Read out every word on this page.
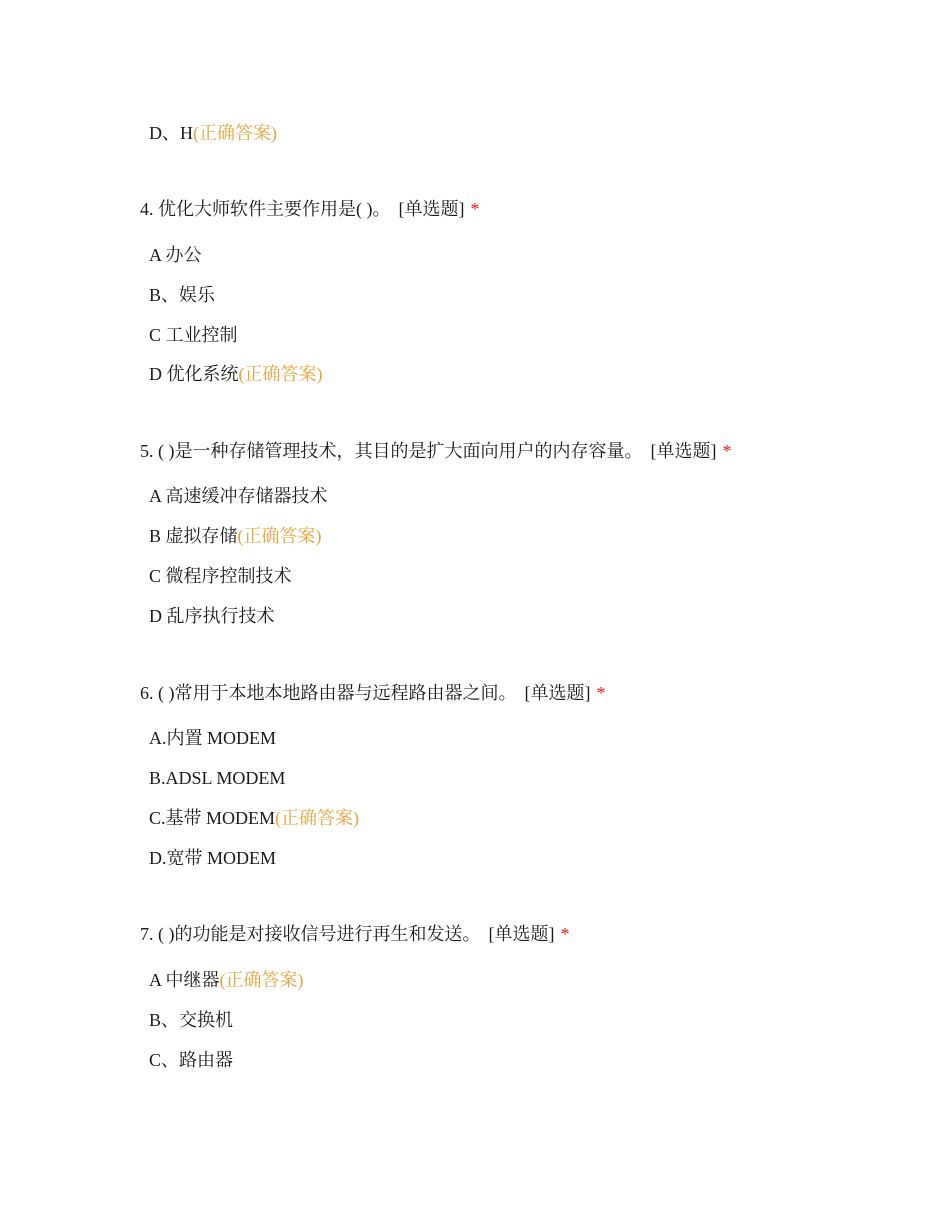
D、H(正确答案)
4. 优化大师软件主要作用是( )。 [单选题] *
A 办公
B、娱乐
C 工业控制
D 优化系统(正确答案)
5. ( )是一种存储管理技术，其目的是扩大面向用户的内存容量。 [单选题] *
A 高速缓冲存储器技术
B 虚拟存储(正确答案)
C 微程序控制技术
D 乱序执行技术
6. ( )常用于本地本地路由器与远程路由器之间。 [单选题] *
A.内置 MODEM
B.ADSL MODEM
C.基带 MODEM(正确答案)
D.宽带 MODEM
7. ( )的功能是对接收信号进行再生和发送。 [单选题] *
A 中继器(正确答案)
B、交换机
C、路由器
